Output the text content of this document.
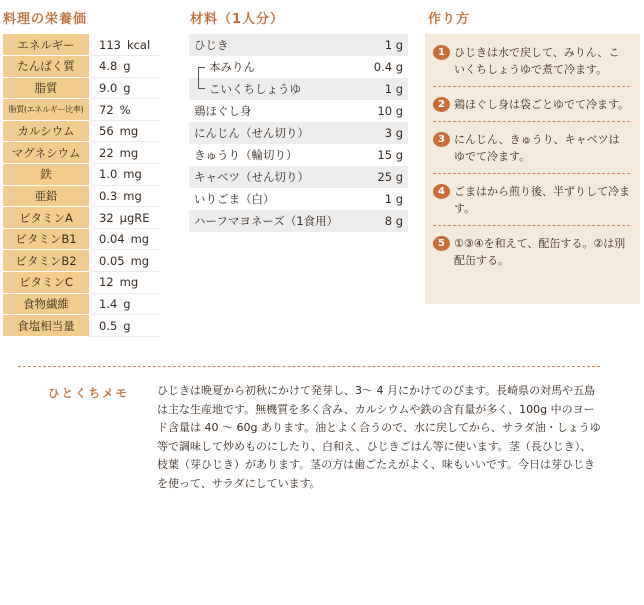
料理の栄養価
エネルギー	113 kcal
たんぱく質	4.8 g
脂質	9.0 g
脂質(エネルギー比率)	72 %
カルシウム	56 mg
マグネシウム	22 mg
鉄	1.0 mg
亜鉛	0.3 mg
ビタミンA	32 μgRE
ビタミンB1	0.04 mg
ビタミンB2	0.05 mg
ビタミンC	12 mg
食物繊維	1.4 g
食塩相当量	0.5 g
材料（1人分）
ひじき	1 g

本みりん	0.4 g

こいくちしょうゆ	1 g
鶏ほぐし身	10 g
にんじん（せん切り）	3 g
きゅうり（輪切り）	15 g
キャベツ（せん切り）	25 g
いりごま（白）	1 g
ハーフマヨネーズ（1食用）	8 g
作り方
1 ひじきは水で戻して、みりん、こいくちしょうゆで煮て冷ます。
2 鶏ほぐし身は袋ごとゆでて冷ます。
3 にんじん、きゅうり、キャベツはゆでて冷ます。
4 ごまはから煎り後、半ずりして冷ます。
5 ①③④を和えて、配缶する。②は別配缶する。
ひとくちメモ	ひじきは晩夏から初秋にかけて発芽し、3～ 4 月にかけてのびます。長崎県の対馬や五島は主な生産地です。無機質を多く含み、カルシウムや鉄の含有量が多く、100g 中のヨード含量は 40 ～ 60g あります。油とよく合うので、水に戻してから、サラダ油・しょうゆ等で調味して炒めものにしたり、白和え、ひじきごはん等に使います。茎（長ひじき）、枝葉（芽ひじき）があります。茎の方は歯ごたえがよく、味もいいです。今日は芽ひじきを使って、サラダにしています。
